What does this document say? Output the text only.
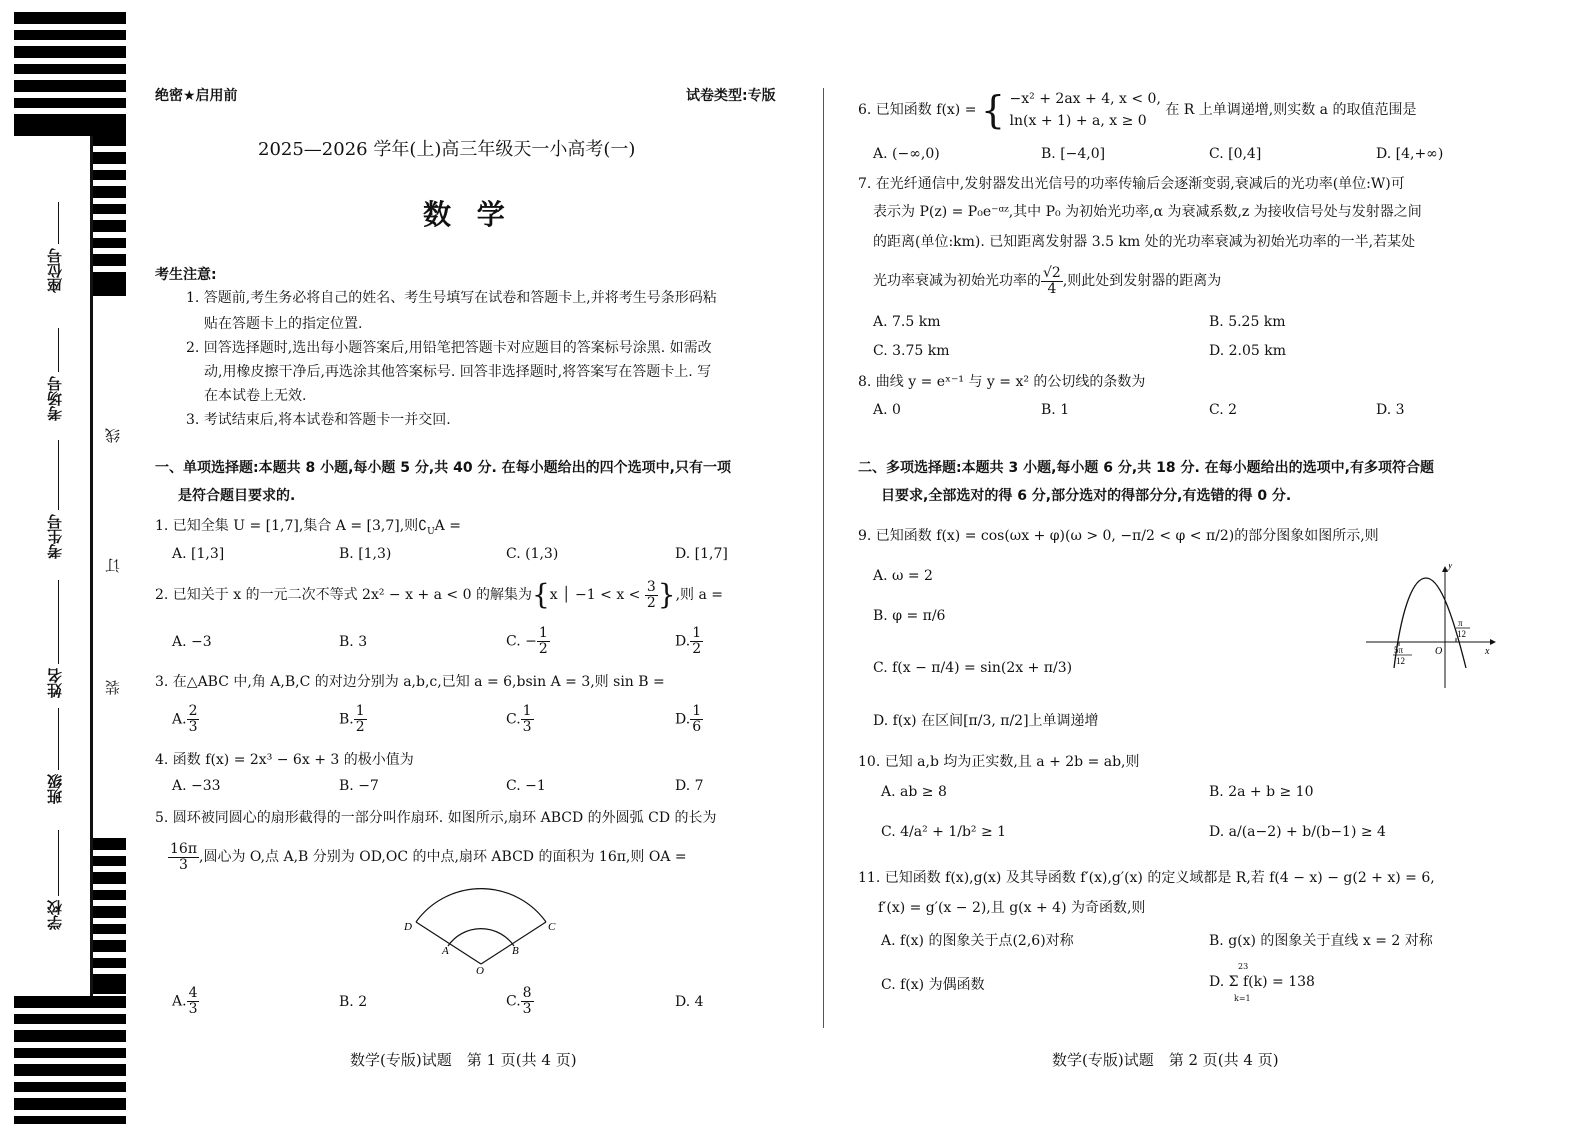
座位号
考场号
考生号
姓名
班级
学校
线
订
装
绝密★启用前	试卷类型:专版
2025—2026 学年(上)高三年级天一小高考(一)
数 学
考生注意:
1. 答题前,考生务必将自己的姓名、考生号填写在试卷和答题卡上,并将考生号条形码粘
贴在答题卡上的指定位置.
2. 回答选择题时,选出每小题答案后,用铅笔把答题卡对应题目的答案标号涂黑. 如需改
动,用橡皮擦干净后,再选涂其他答案标号. 回答非选择题时,将答案写在答题卡上. 写
在本试卷上无效.
3. 考试结束后,将本试卷和答题卡一并交回.
一、单项选择题:本题共 8 小题,每小题 5 分,共 40 分. 在每小题给出的四个选项中,只有一项
是符合题目要求的.
1. 已知全集 U = [1,7],集合 A = [3,7],则$∁_UA$ =
A. [1,3]	B. [1,3)	C. (1,3)	D. [1,7]
2. 已知关于 x 的一元二次不等式 2x² − x + a < 0 的解集为{x │ $-1 < x < \frac{3}{2}$ },则 a =
A. −3	B. 3	C. − $\frac{1}{2}$	D. $\frac{1}{2}$
3. 在△ABC 中,角 A,B,C 的对边分别为 a,b,c,已知 a = 6,bsin A = 3,则 sin B =
A. $\frac{2}{3}$	B. $\frac{1}{2}$	C. $\frac{1}{3}$	D. $\frac{1}{6}$
4. 函数 f(x) = 2x³ − 6x + 3 的极小值为
A. −33	B. −7	C. −1	D. 7
5. 圆环被同圆心的扇形截得的一部分叫作扇环. 如图所示,扇环 ABCD 的外圆弧 CD 的长为
$\frac{16\pi}{3}$ ,圆心为 O,点 A,B 分别为 OD,OC 的中点,扇环 ABCD 的面积为 16π,则 OA =
D	C
A	B
O
A. $\frac{4}{3}$	B. 2	C. $\frac{8}{3}$	D. 4
数学(专版)试题　第 1 页(共 4 页)
6. 已知函数 f(x) = { −x² + 2ax + 4, x < 0,
ln(x + 1) + a, x ≥ 0
在 R 上单调递增,则实数 a 的取值范围是
A. (−∞,0)	B. [−4,0]	C. [0,4]	D. [4,+∞)
7. 在光纤通信中,发射器发出光信号的功率传输后会逐渐变弱,衰减后的光功率(单位:W)可
表示为 P(z) = P₀e⁻ᵅᶻ,其中 P₀ 为初始光功率,α 为衰减系数,z 为接收信号处与发射器之间
的距离(单位:km). 已知距离发射器 3.5 km 处的光功率衰减为初始光功率的一半,若某处
光功率衰减为初始光功率的 $\frac{√2}{4}$ ,则此处到发射器的距离为
A. 7.5 km	B. 5.25 km
C. 3.75 km	D. 2.05 km
8. 曲线 y = eˣ⁻¹ 与 y = x² 的公切线的条数为
A. 0	B. 1	C. 2	D. 3
二、多项选择题:本题共 3 小题,每小题 6 分,共 18 分. 在每小题给出的选项中,有多项符合题
目要求,全部选对的得 6 分,部分选对的得部分分,有选错的得 0 分.
9. 已知函数 f(x) = cos(ωx + φ)(ω > 0, −π/2 < φ < π/2)的部分图象如图所示,则
A. ω = 2
B. φ = π/6
C. f(x − π/4) = sin(2x + π/3)
D. f(x) 在区间[π/3, π/2]上单调递增
y
x
O
5π
12
π
12
10. 已知 a,b 均为正实数,且 a + 2b = ab,则
A. ab ≥ 8	B. 2a + b ≥ 10
C. 4/a² + 1/b² ≥ 1	D. a/(a−2) + b/(b−1) ≥ 4
11. 已知函数 f(x),g(x) 及其导函数 f′(x),g′(x) 的定义域都是 R,若 f(4 − x) − g(2 + x) = 6,
f′(x) = g′(x − 2),且 g(x + 4) 为奇函数,则
A. f(x) 的图象关于点(2,6)对称	B. g(x) 的图象关于直线 x = 2 对称
C. f(x) 为偶函数	D. Σ f(k) = 138
23
k=1
数学(专版)试题　第 2 页(共 4 页)
